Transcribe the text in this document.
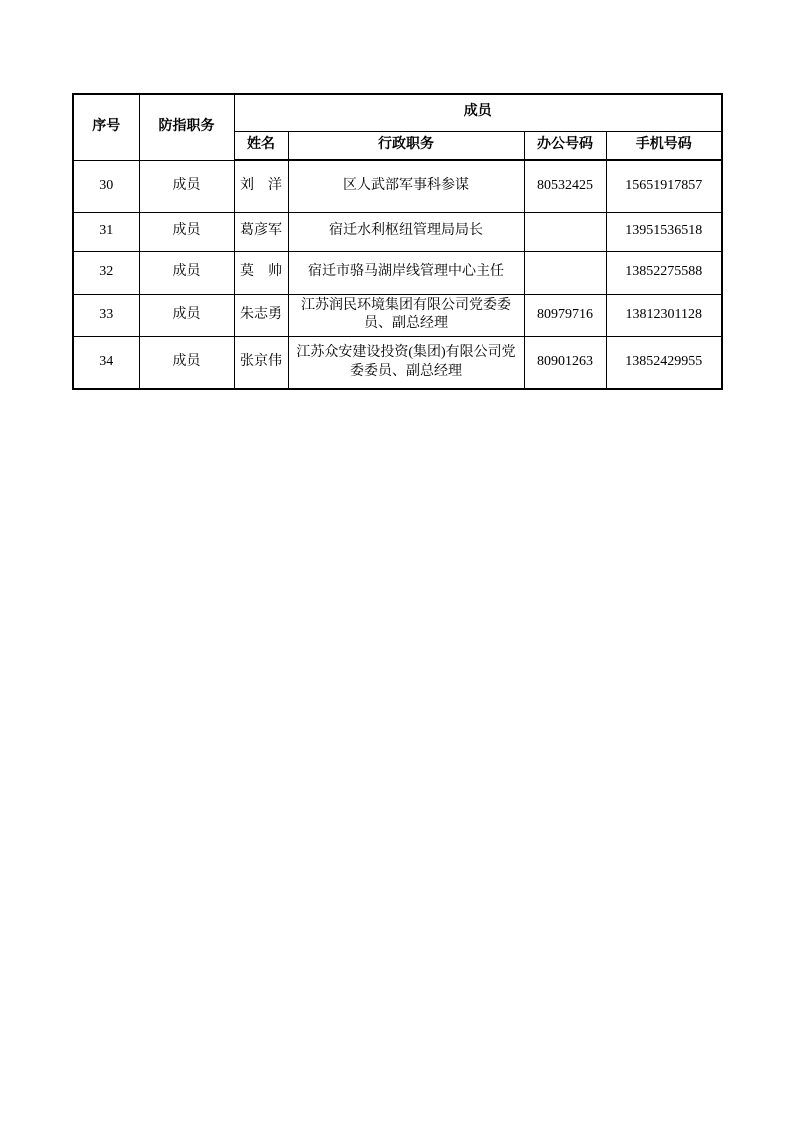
序号	防指职务	成员			
		姓名	行政职务	办公号码	手机号码
30	成员	刘　洋	区人武部军事科参谋	80532425	15651917857
31	成员	葛彦军	宿迁水利枢纽管理局局长		13951536518
32	成员	莫　帅	宿迁市骆马湖岸线管理中心主任		13852275588
33	成员	朱志勇	江苏润民环境集团有限公司党委委员、副总经理	80979716	13812301128
34	成员	张京伟	江苏众安建设投资(集团)有限公司党委委员、副总经理	80901263	13852429955
